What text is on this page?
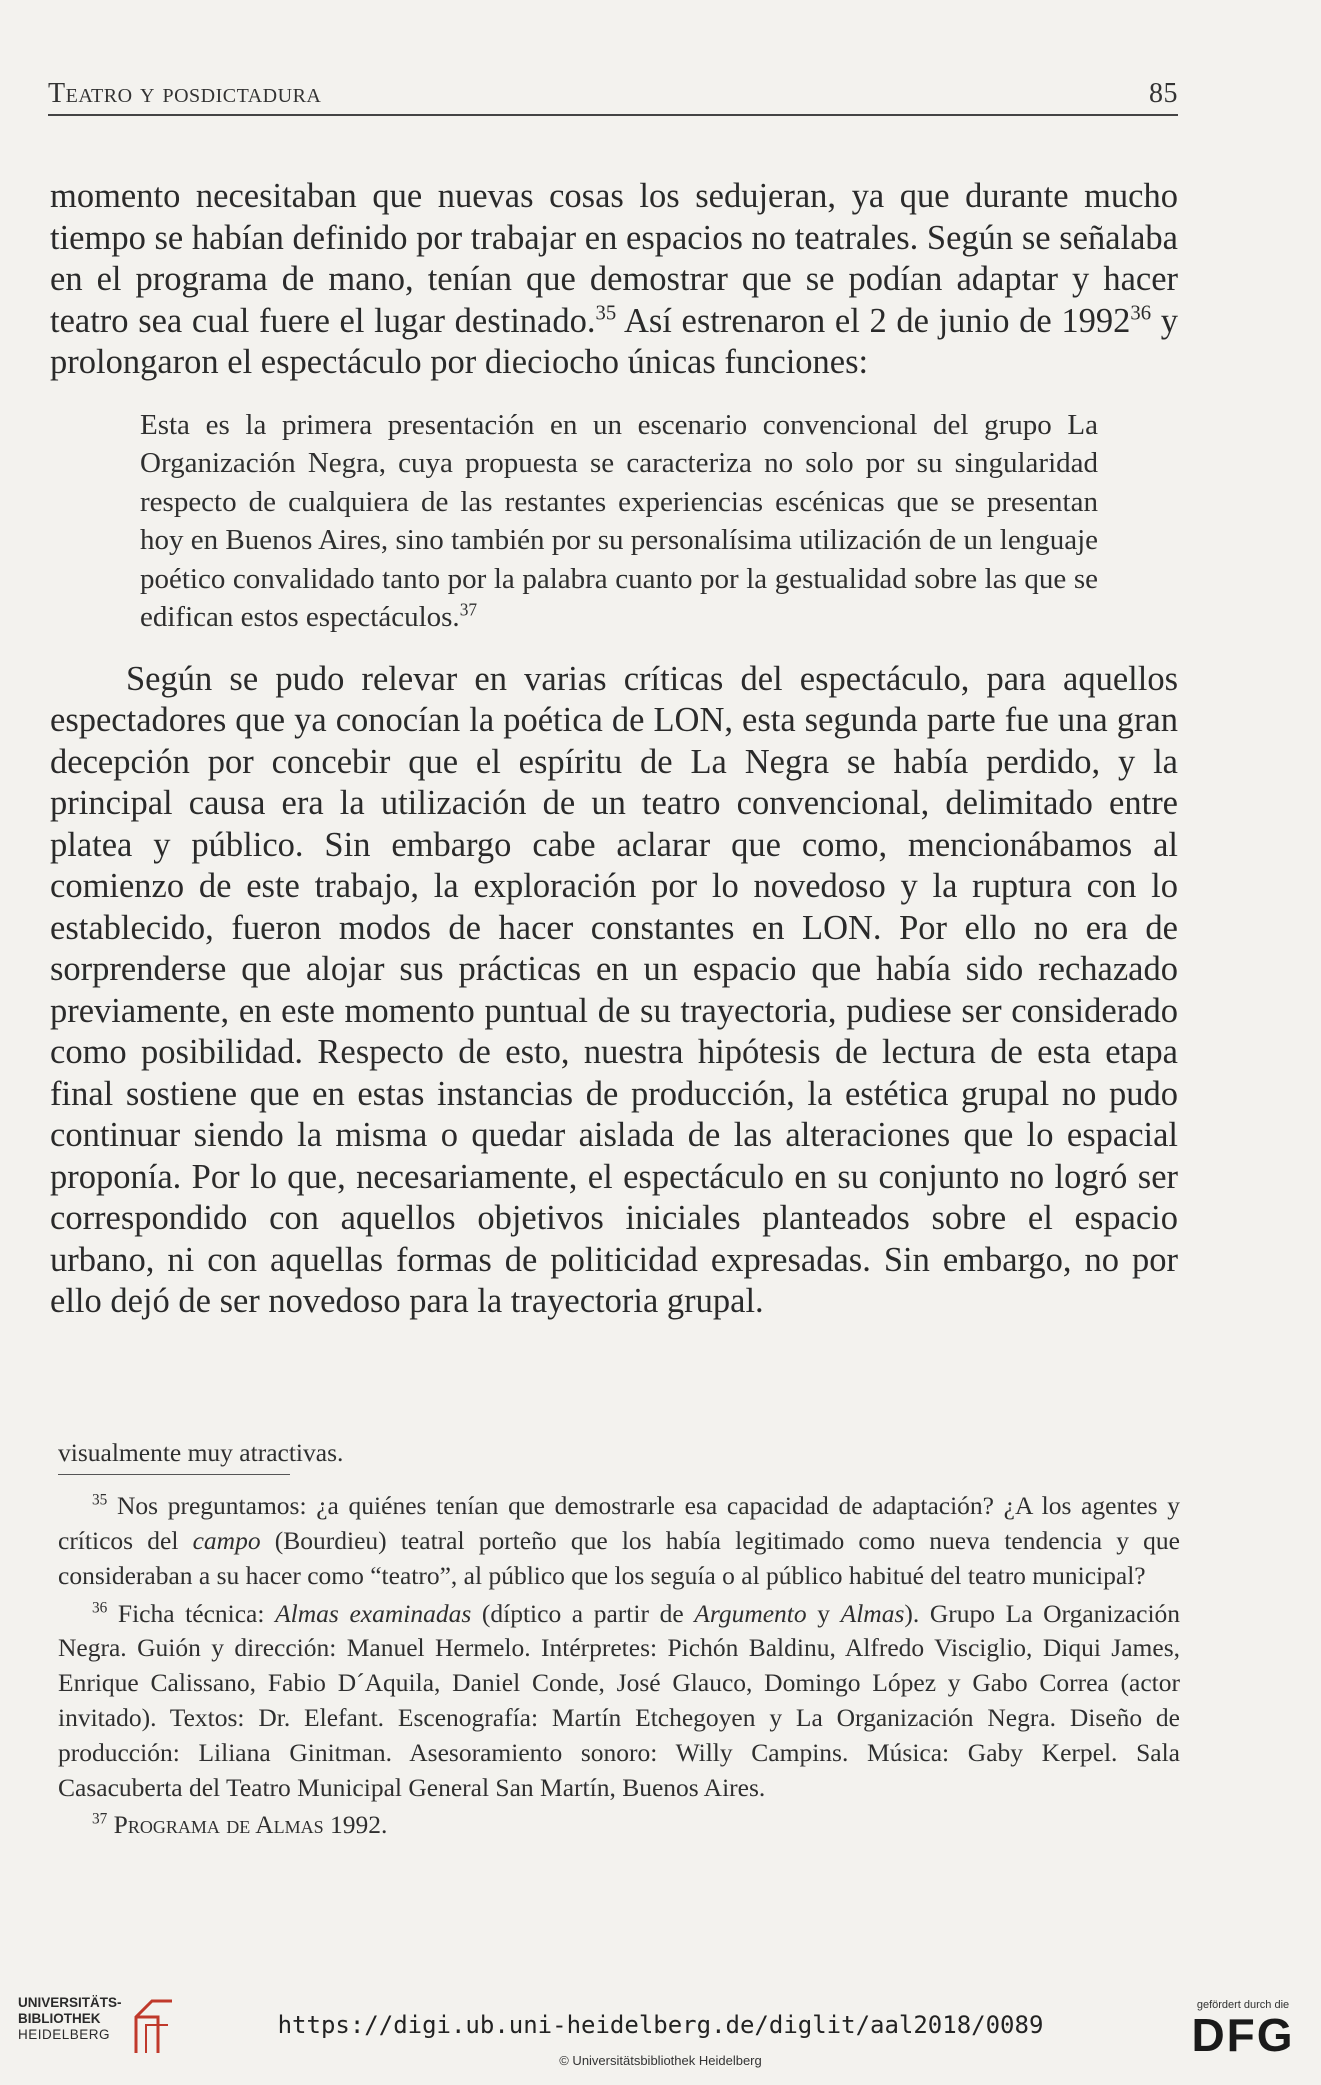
Teatro y posdictadura	85

momento necesitaban que nuevas cosas los sedujeran, ya que durante mucho tiempo se habían definido por trabajar en espacios no teatrales. Según se señalaba en el programa de mano, tenían que demostrar que se podían adaptar y hacer teatro sea cual fuere el lugar destinado.$^{35}$ Así estrenaron el 2 de junio de 1992$^{36}$ y prolongaron el espectáculo por dieciocho únicas funciones:

Esta es la primera presentación en un escenario convencional del grupo La Organización Negra, cuya propuesta se caracteriza no solo por su singularidad respecto de cualquiera de las restantes experiencias escénicas que se presentan hoy en Buenos Aires, sino también por su personalísima utilización de un lenguaje poético convalidado tanto por la palabra cuanto por la gestualidad sobre las que se edifican estos espectáculos.$^{37}$

Según se pudo relevar en varias críticas del espectáculo, para aquellos espectadores que ya conocían la poética de LON, esta segunda parte fue una gran decepción por concebir que el espíritu de La Negra se había perdido, y la principal causa era la utilización de un teatro convencional, delimitado entre platea y público. Sin embargo cabe aclarar que como, mencionábamos al comienzo de este trabajo, la exploración por lo novedoso y la ruptura con lo establecido, fueron modos de hacer constantes en LON. Por ello no era de sorprenderse que alojar sus prácticas en un espacio que había sido rechazado previamente, en este momento puntual de su trayectoria, pudiese ser considerado como posibilidad. Respecto de esto, nuestra hipótesis de lectura de esta etapa final sostiene que en estas instancias de producción, la estética grupal no pudo continuar siendo la misma o quedar aislada de las alteraciones que lo espacial proponía. Por lo que, necesariamente, el espectáculo en su conjunto no logró ser correspondido con aquellos objetivos iniciales planteados sobre el espacio urbano, ni con aquellas formas de politicidad expresadas. Sin embargo, no por ello dejó de ser novedoso para la trayectoria grupal.

visualmente muy atractivas.

$^{35}$ Nos preguntamos: ¿a quiénes tenían que demostrarle esa capacidad de adaptación? ¿A los agentes y críticos del campo (Bourdieu) teatral porteño que los había legitimado como nueva tendencia y que consideraban a su hacer como “teatro”, al público que los seguía o al público habitué del teatro municipal?

$^{36}$ Ficha técnica: Almas examinadas (díptico a partir de Argumento y Almas). Grupo La Organización Negra. Guión y dirección: Manuel Hermelo. Intérpretes: Pichón Baldinu, Alfredo Visciglio, Diqui James, Enrique Calissano, Fabio D´Aquila, Daniel Conde, José Glauco, Domingo López y Gabo Correa (actor invitado). Textos: Dr. Elefant. Escenografía: Martín Etchegoyen y La Organización Negra. Diseño de producción: Liliana Ginitman. Asesoramiento sonoro: Willy Campins. Música: Gaby Kerpel. Sala Casacuberta del Teatro Municipal General San Martín, Buenos Aires.

$^{37}$ Programa de Almas 1992.

UNIVERSITÄTS-
BIBLIOTHEK
HEIDELBERG	https://digi.ub.uni-heidelberg.de/diglit/aal2018/0089
© Universitätsbibliothek Heidelberg
gefördert durch die
DFG
